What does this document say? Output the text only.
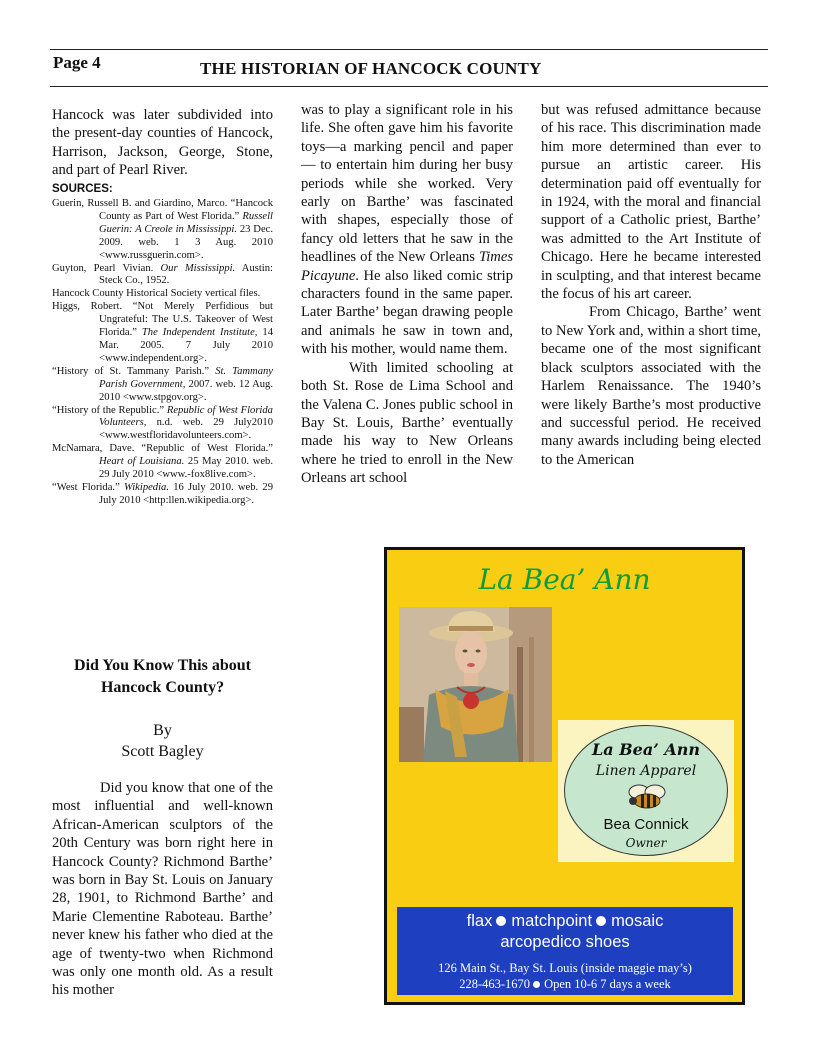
Page 4	THE HISTORIAN OF HANCOCK COUNTY

Hancock was later subdivided into the present-day counties of Hancock, Harrison, Jackson, George, Stone, and part of Pearl River.

SOURCES:

Guerin, Russell B. and Giardino, Marco. “Hancock County as Part of West Florida.” Russell Guerin: A Creole in Mississippi. 23 Dec. 2009. web. 1 3 Aug. 2010 <www.russguerin.com>.

Guyton, Pearl Vivian. Our Mississippi. Austin: Steck Co., 1952.

Hancock County Historical Society vertical files.

Higgs, Robert. “Not Merely Perfidious but Ungrateful: The U.S. Takeover of West Florida.” The Independent Institute, 14 Mar. 2005. 7 July 2010 <www.independent.org>.

“History of St. Tammany Parish.” St. Tammany Parish Government, 2007. web. 12 Aug. 2010 <www.stpgov.org>.

“History of the Republic.” Republic of West Florida Volunteers, n.d. web. 29 July2010 <www.westfloridavolunteers.com>.

McNamara, Dave. “Republic of West Florida.” Heart of Louisiana. 25 May 2010. web. 29 July 2010 <www.-fox8live.com>.

“West Florida.” Wikipedia. 16 July 2010. web. 29 July 2010 <http:llen.wikipedia.org>.

Did You Know This about Hancock County?

By

Scott Bagley

Did you know that one of the most influential and well-known African-American sculptors of the 20th Century was born right here in Hancock County? Richmond Barthe’ was born in Bay St. Louis on January 28, 1901, to Richmond Barthe’ and Marie Clementine Raboteau. Barthe’ never knew his father who died at the age of twenty-two when Richmond was only one month old. As a result his mother

was to play a significant role in his life. She often gave him his favorite toys—a marking pencil and paper— to entertain him during her busy periods while she worked. Very early on Barthe’ was fascinated with shapes, especially those of fancy old letters that he saw in the headlines of the New Orleans Times Picayune. He also liked comic strip characters found in the same paper. Later Barthe’ began drawing people and animals he saw in town and, with his mother, would name them.

With limited schooling at both St. Rose de Lima School and the Valena C. Jones public school in Bay St. Louis, Barthe’ eventually made his way to New Orleans where he tried to enroll in the New Orleans art school

but was refused admittance because of his race. This discrimination made him more determined than ever to pursue an artistic career. His determination paid off eventually for in 1924, with the moral and financial support of a Catholic priest, Barthe’ was admitted to the Art Institute of Chicago. Here he became interested in sculpting, and that interest became the focus of his art career.

From Chicago, Barthe’ went to New York and, within a short time, became one of the most significant black sculptors associated with the Harlem Renaissance. The 1940’s were likely Barthe’s most productive and successful period. He received many awards including being elected to the American

La Bea’ Ann
La Bea’ Ann
Linen Apparel
Bea Connick
Owner
flax matchpoint mosaic
arcopedico shoes
126 Main St., Bay St. Louis (inside maggie may’s)
228-463-1670 Open 10-6 7 days a week
